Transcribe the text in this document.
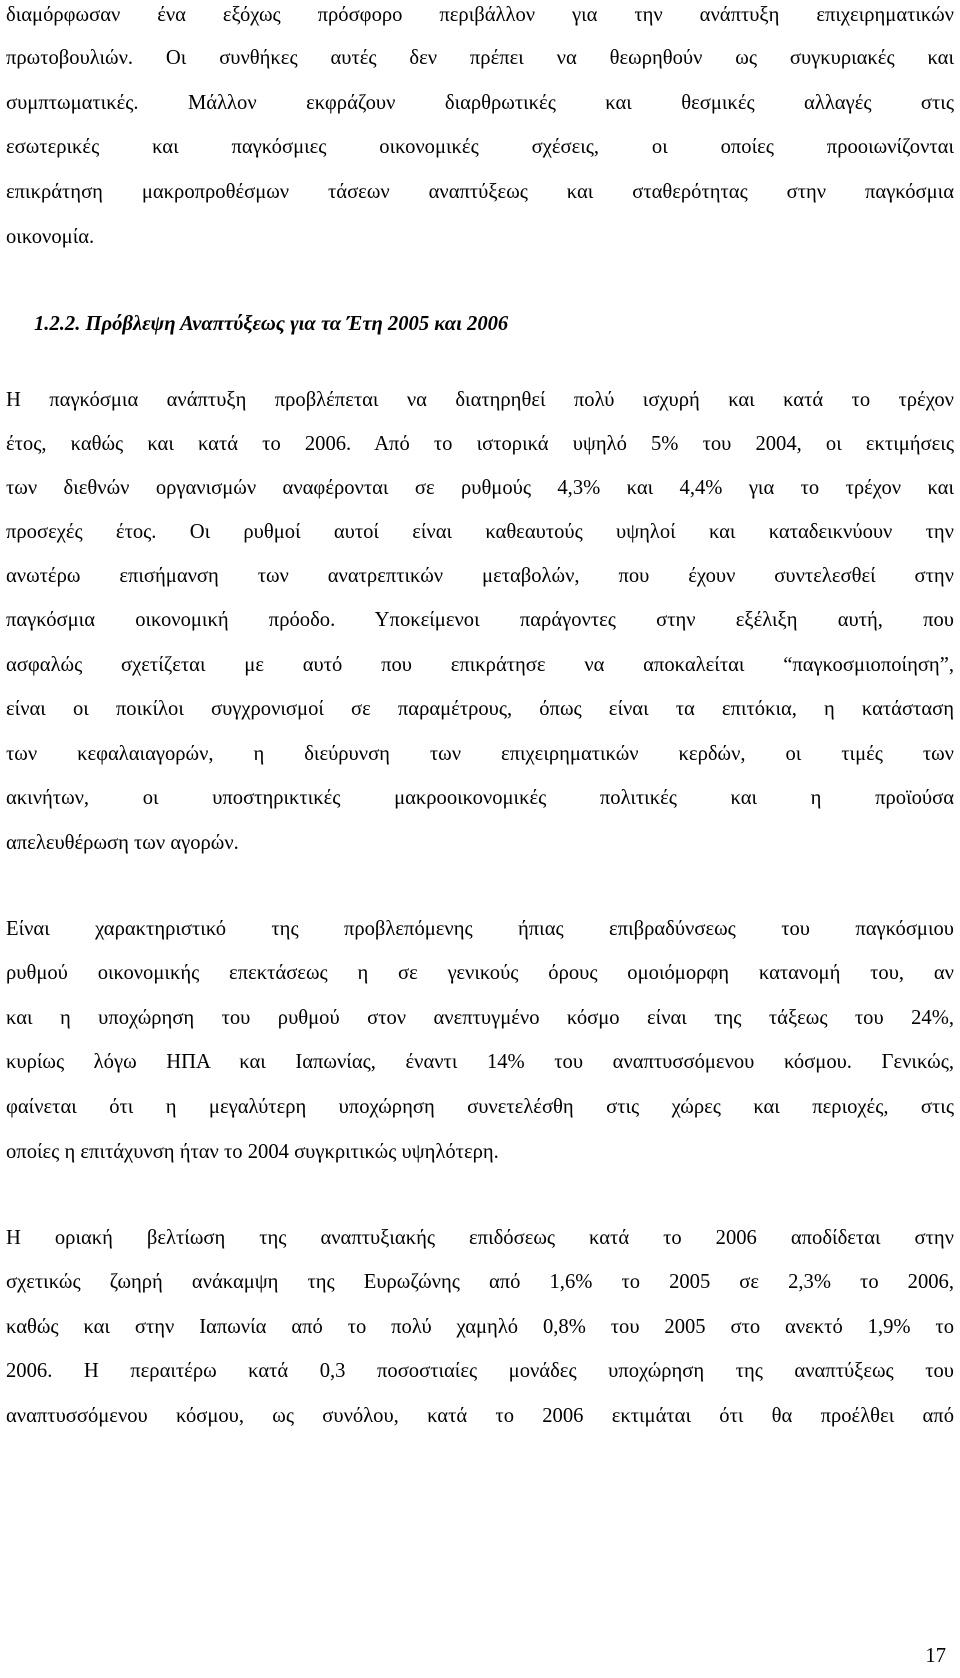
διαμόρφωσαν ένα εξόχως πρόσφορο περιβάλλον για την ανάπτυξη επιχειρηματικών
πρωτοβουλιών. Οι συνθήκες αυτές δεν πρέπει να θεωρηθούν ως συγκυριακές και
συμπτωματικές. Μάλλον εκφράζουν διαρθρωτικές και θεσμικές αλλαγές στις
εσωτερικές και παγκόσμιες οικονομικές σχέσεις, οι οποίες προοιωνίζονται
επικράτηση μακροπροθέσμων τάσεων αναπτύξεως και σταθερότητας στην παγκόσμια
οικονομία.
1.2.2. Πρόβλεψη Αναπτύξεως για τα Έτη 2005 και 2006
Η παγκόσμια ανάπτυξη προβλέπεται να διατηρηθεί πολύ ισχυρή και κατά το τρέχον
έτος, καθώς και κατά το 2006. Από το ιστορικά υψηλό 5% του 2004, οι εκτιμήσεις
των διεθνών οργανισμών αναφέρονται σε ρυθμούς 4,3% και 4,4% για το τρέχον και
προσεχές έτος. Οι ρυθμοί αυτοί είναι καθεαυτούς υψηλοί και καταδεικνύουν την
ανωτέρω επισήμανση των ανατρεπτικών μεταβολών, που έχουν συντελεσθεί στην
παγκόσμια οικονομική πρόοδο. Υποκείμενοι παράγοντες στην εξέλιξη αυτή, που
ασφαλώς σχετίζεται με αυτό που επικράτησε να αποκαλείται “παγκοσμιοποίηση”,
είναι οι ποικίλοι συγχρονισμοί σε παραμέτρους, όπως είναι τα επιτόκια, η κατάσταση
των κεφαλαιαγορών, η διεύρυνση των επιχειρηματικών κερδών, οι τιμές των
ακινήτων, οι υποστηρικτικές μακροοικονομικές πολιτικές και η προϊούσα
απελευθέρωση των αγορών.
Είναι χαρακτηριστικό της προβλεπόμενης ήπιας επιβραδύνσεως του παγκόσμιου
ρυθμού οικονομικής επεκτάσεως η σε γενικούς όρους ομοιόμορφη κατανομή του, αν
και η υποχώρηση του ρυθμού στον ανεπτυγμένο κόσμο είναι της τάξεως του 24%,
κυρίως λόγω ΗΠΑ και Ιαπωνίας, έναντι 14% του αναπτυσσόμενου κόσμου. Γενικώς,
φαίνεται ότι η μεγαλύτερη υποχώρηση συνετελέσθη στις χώρες και περιοχές, στις
οποίες η επιτάχυνση ήταν το 2004 συγκριτικώς υψηλότερη.
Η οριακή βελτίωση της αναπτυξιακής επιδόσεως κατά το 2006 αποδίδεται στην
σχετικώς ζωηρή ανάκαμψη της Ευρωζώνης από 1,6% το 2005 σε 2,3% το 2006,
καθώς και στην Ιαπωνία από το πολύ χαμηλό 0,8% του 2005 στο ανεκτό 1,9% το
2006. Η περαιτέρω κατά 0,3 ποσοστιαίες μονάδες υποχώρηση της αναπτύξεως του
αναπτυσσόμενου κόσμου, ως συνόλου, κατά το 2006 εκτιμάται ότι θα προέλθει από
17
